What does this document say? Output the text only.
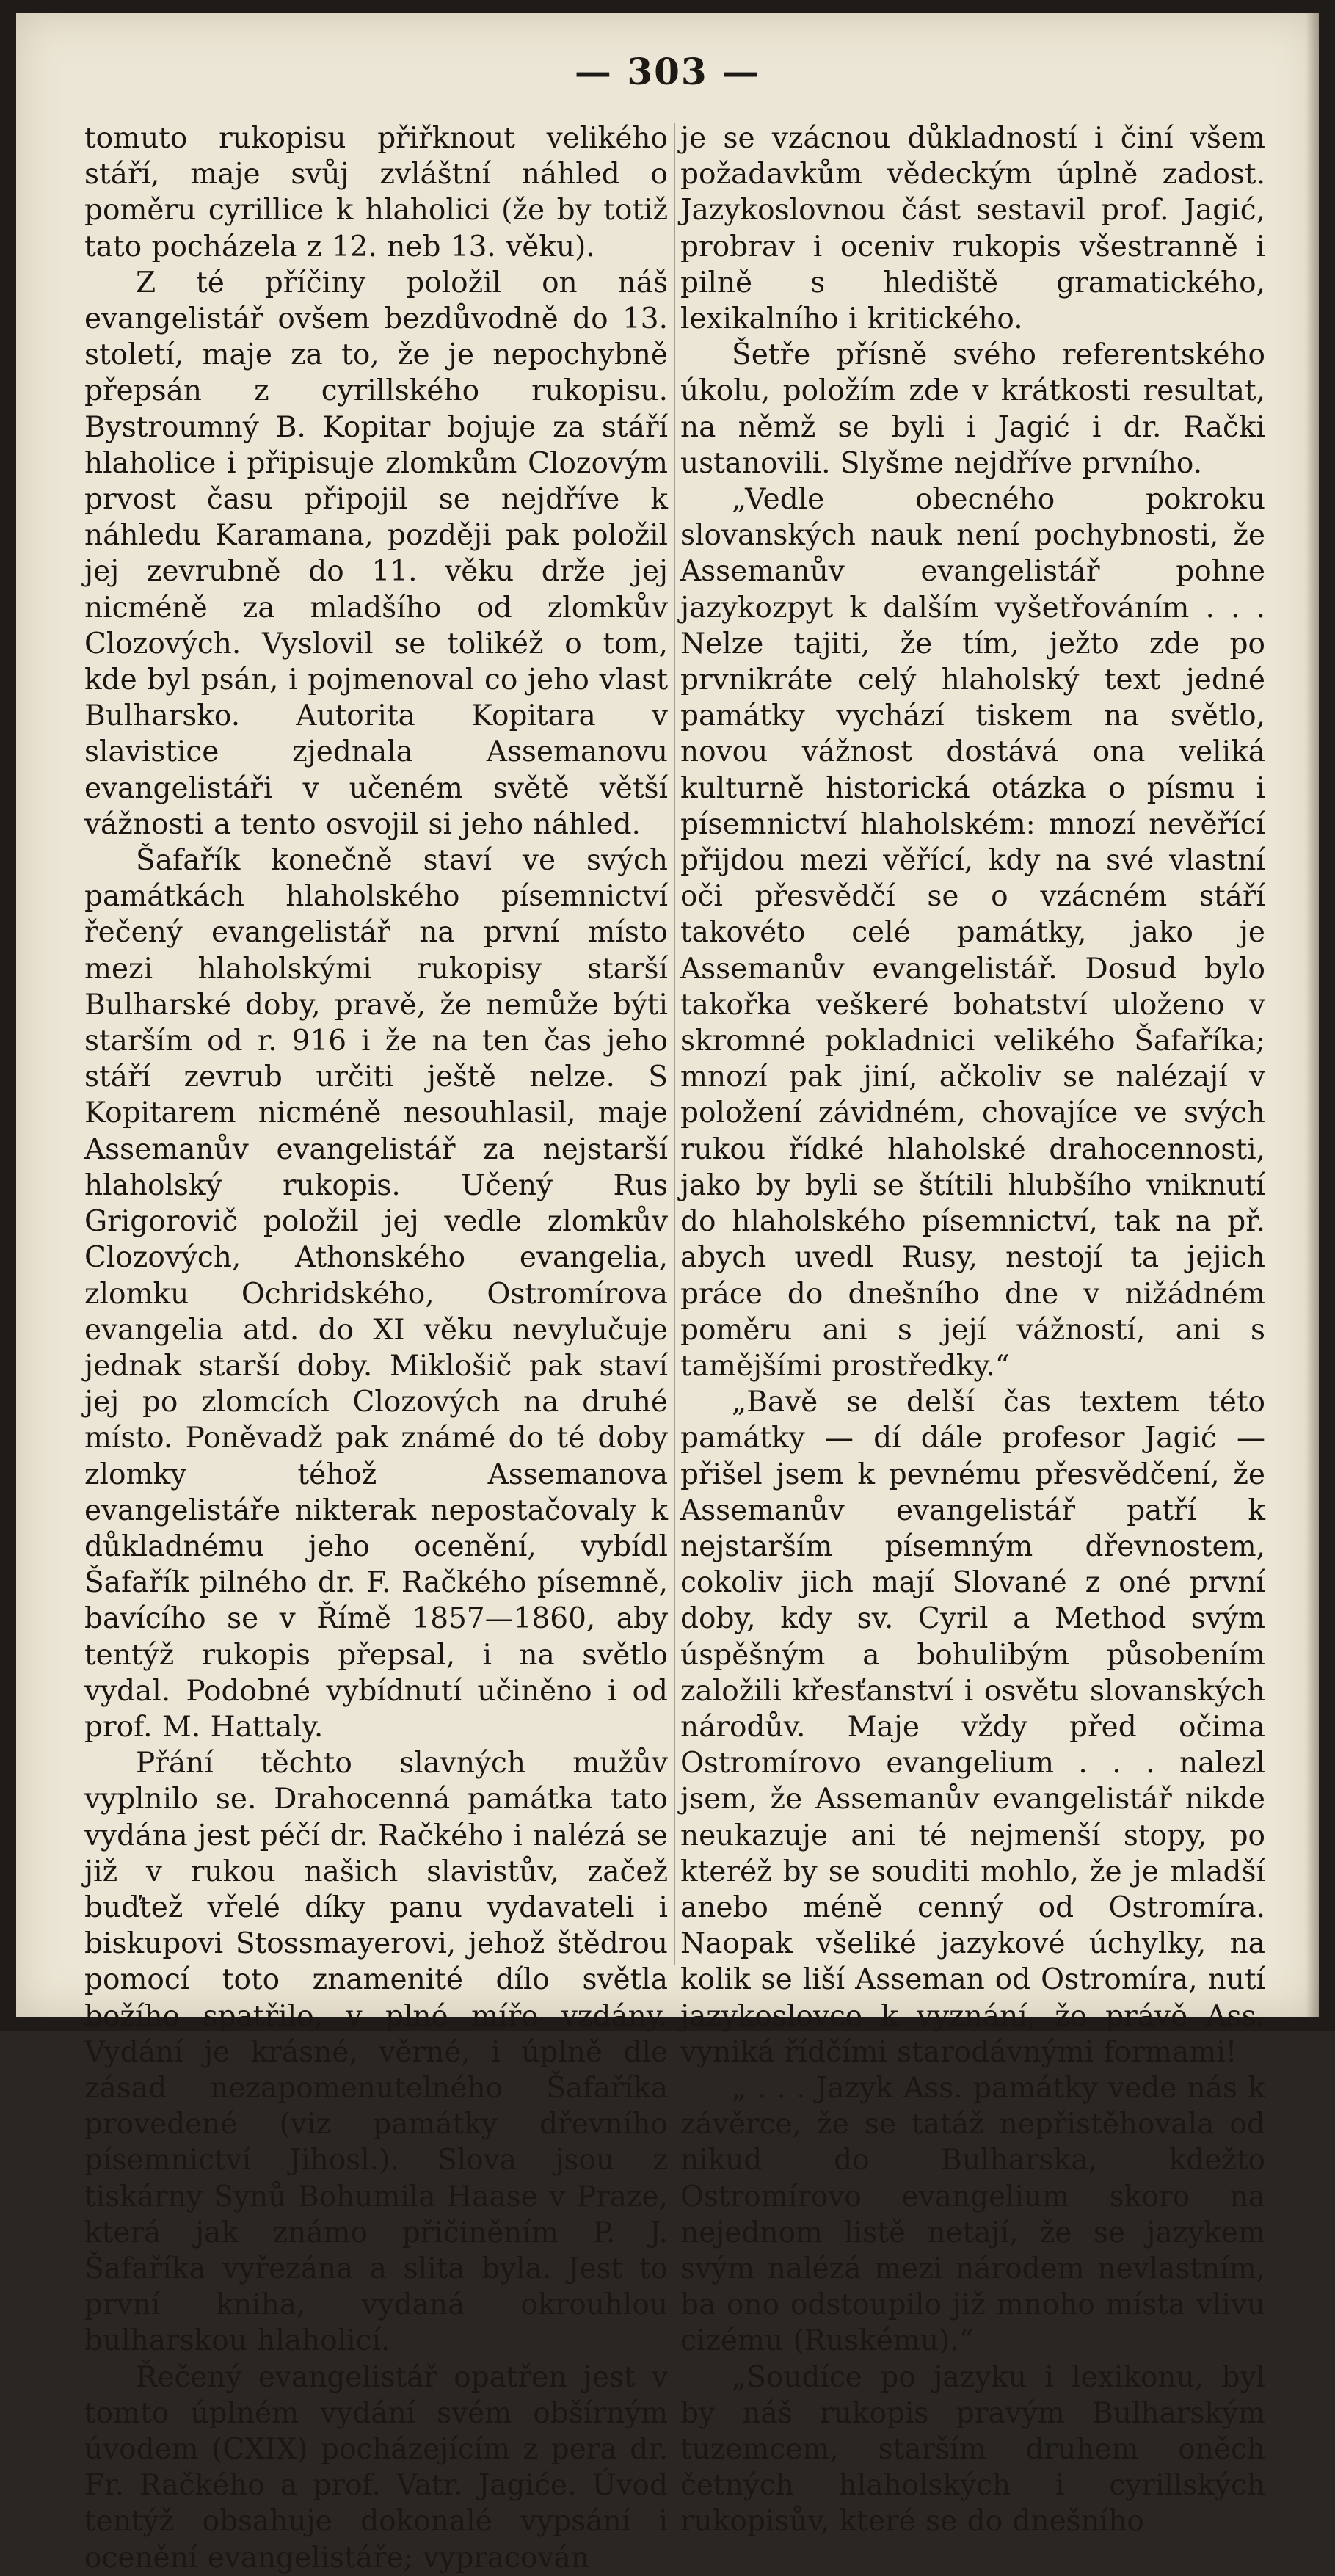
— 303 —

tomuto rukopisu přiřknout velikého stáří, maje svůj zvláštní náhled o poměru cyrillice k hlaholici (že by totiž tato pocházela z 12. neb 13. věku).

Z té příčiny položil on náš evangelistář ovšem bezdůvodně do 13. století, maje za to, že je nepochybně přepsán z cyrillského rukopisu. Bystroumný B. Kopitar bojuje za stáří hlaholice i připisuje zlomkům Clozovým prvost času připojil se nejdříve k náhledu Karamana, později pak položil jej zevrubně do 11. věku drže jej nicméně za mladšího od zlomkův Clozových. Vyslovil se tolikéž o tom, kde byl psán, i pojmenoval co jeho vlast Bulharsko. Autorita Kopitara v slavistice zjednala Assemanovu evangelistáři v učeném světě větší vážnosti a tento osvojil si jeho náhled.

Šafařík konečně staví ve svých památkách hlaholského písemnictví řečený evangelistář na první místo mezi hlaholskými rukopisy starší Bulharské doby, pravě, že nemůže býti starším od r. 916 i že na ten čas jeho stáří zevrub určiti ještě nelze. S Kopitarem nicméně nesouhlasil, maje Assemanův evangelistář za nejstarší hlaholský rukopis. Učený Rus Grigorovič položil jej vedle zlomkův Clozových, Athonského evangelia, zlomku Ochridského, Ostromírova evangelia atd. do XI věku nevylučuje jednak starší doby. Miklošič pak staví jej po zlomcích Clozových na druhé místo. Poněvadž pak známé do té doby zlomky téhož Assemanova evangelistáře nikterak nepostačovaly k důkladnému jeho ocenění, vybídl Šafařík pilného dr. F. Račkého písemně, bavícího se v Římě 1857—1860, aby tentýž rukopis přepsal, i na světlo vydal. Podobné vybídnutí učiněno i od prof. M. Hattaly.

Přání těchto slavných mužův vyplnilo se. Drahocenná památka tato vydána jest péčí dr. Račkého i nalézá se již v rukou našich slavistův, začež buďtež vřelé díky panu vydavateli i biskupovi Stossmayerovi, jehož štědrou pomocí toto znamenité dílo světla božího spatřilo, v plné míře vzdány. Vydání je krásné, věrné, i úplně dle zásad nezapomenutelného Šafaříka provedené (viz památky dřevního písemnictví Jihosl.). Slova jsou z tiskárny Synů Bohumila Haase v Praze, která jak známo přičiněním P. J. Šafaříka vyřezána a slita byla. Jest to první kniha, vydaná okrouhlou bulharskou hlaholicí.

Řečený evangelistář opatřen jest v tomto úplném vydání svém obšírným úvodem (CXIX) pocházejícím z pera dr. Fr. Račkého a prof. Vatr. Jagiće. Úvod tentýž obsahuje dokonalé vypsání i ocenění evangelistáře; vypracován

je se vzácnou důkladností i činí všem požadavkům vědeckým úplně zadost. Jazykoslovnou část sestavil prof. Jagić, probrav i oceniv rukopis všestranně i pilně s hlediště gramatického, lexikalního i kritického.

Šetře přísně svého referentského úkolu, položím zde v krátkosti resultat, na němž se byli i Jagić i dr. Rački ustanovili. Slyšme nejdříve prvního.

„Vedle obecného pokroku slovanských nauk není pochybnosti, že Assemanův evangelistář pohne jazykozpyt k dalším vyšetřováním . . . Nelze tajiti, že tím, ježto zde po prvnikráte celý hlaholský text jedné památky vychází tiskem na světlo, novou vážnost dostává ona veliká kulturně historická otázka o písmu i písemnictví hlaholském: mnozí nevěřící přijdou mezi věřící, kdy na své vlastní oči přesvědčí se o vzácném stáří takovéto celé památky, jako je Assemanův evangelistář. Dosud bylo takořka veškeré bohatství uloženo v skromné pokladnici velikého Šafaříka; mnozí pak jiní, ačkoliv se nalézají v položení závidném, chovajíce ve svých rukou řídké hlaholské drahocennosti, jako by byli se štítili hlubšího vniknutí do hlaholského písemnictví, tak na př. abych uvedl Rusy, nestojí ta jejich práce do dnešního dne v nižádném poměru ani s její vážností, ani s tamějšími prostředky.“

„Bavě se delší čas textem této památky — dí dále profesor Jagić — přišel jsem k pevnému přesvědčení, že Assemanův evangelistář patří k nejstarším písemným dřevnostem, cokoliv jich mají Slované z oné první doby, kdy sv. Cyril a Method svým úspěšným a bohulibým působením založili křesťanství i osvětu slovanských národův. Maje vždy před očima Ostromírovo evangelium . . . nalezl jsem, že Assemanův evangelistář nikde neukazuje ani té nejmenší stopy, po kteréž by se souditi mohlo, že je mladší anebo méně cenný od Ostromíra. Naopak všeliké jazykové úchylky, na kolik se liší Asseman od Ostromíra, nutí jazykoslovce k vyznání, že právě Ass. vyniká řídčími starodávnými formami!

„ . . . Jazyk Ass. památky vede nás k závěrce, že se tatáž nepřistěhovala od nikud do Bulharska, kdežto Ostromírovo evangelium skoro na nejednom listě netají, že se jazykem svým nalézá mezi národem nevlastním, ba ono odstoupilo již mnoho místa vlivu cizému (Ruskému).“

„Soudíce po jazyku i lexikonu, byl by náš rukopis pravým Bulharským tuzemcem, starším druhem oněch četných hlaholských i cyrillských rukopisův, které se do dnešního
